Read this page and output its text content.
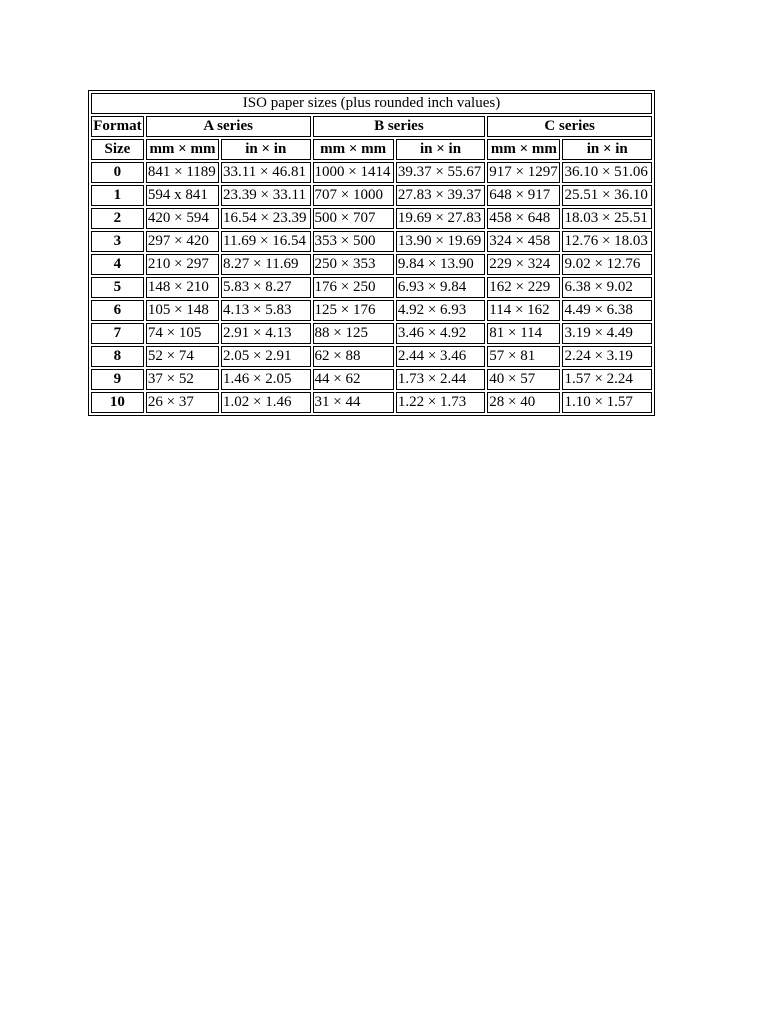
ISO paper sizes (plus rounded inch values)						
Format	A series		B series		C series	
Size	mm × mm	in × in	mm × mm	in × in	mm × mm	in × in
0	841 × 1189	33.11 × 46.81	1000 × 1414	39.37 × 55.67	917 × 1297	36.10 × 51.06
1	594 x 841	23.39 × 33.11	707 × 1000	27.83 × 39.37	648 × 917	25.51 × 36.10
2	420 × 594	16.54 × 23.39	500 × 707	19.69 × 27.83	458 × 648	18.03 × 25.51
3	297 × 420	11.69 × 16.54	353 × 500	13.90 × 19.69	324 × 458	12.76 × 18.03
4	210 × 297	8.27 × 11.69	250 × 353	9.84 × 13.90	229 × 324	9.02 × 12.76
5	148 × 210	5.83 × 8.27	176 × 250	6.93 × 9.84	162 × 229	6.38 × 9.02
6	105 × 148	4.13 × 5.83	125 × 176	4.92 × 6.93	114 × 162	4.49 × 6.38
7	74 × 105	2.91 × 4.13	88 × 125	3.46 × 4.92	81 × 114	3.19 × 4.49
8	52 × 74	2.05 × 2.91	62 × 88	2.44 × 3.46	57 × 81	2.24 × 3.19
9	37 × 52	1.46 × 2.05	44 × 62	1.73 × 2.44	40 × 57	1.57 × 2.24
10	26 × 37	1.02 × 1.46	31 × 44	1.22 × 1.73	28 × 40	1.10 × 1.57
